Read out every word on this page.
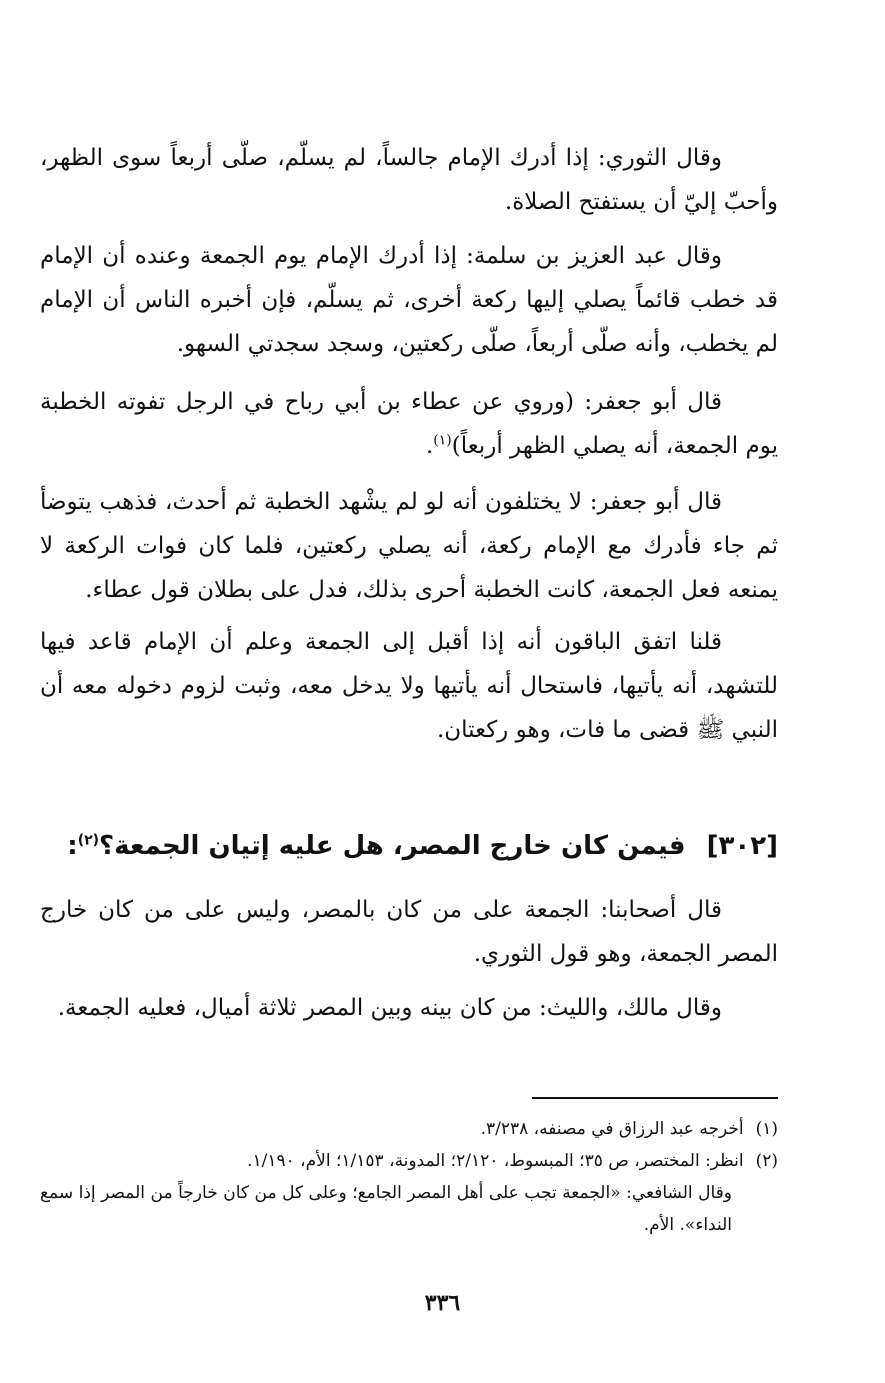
وقال الثوري: إذا أدرك الإمام جالساً، لم يسلّم، صلّى أربعاً سوى الظهر، وأحبّ إليّ أن يستفتح الصلاة.

وقال عبد العزيز بن سلمة: إذا أدرك الإمام يوم الجمعة وعنده أن الإمام قد خطب قائماً يصلي إليها ركعة أخرى، ثم يسلّم، فإن أخبره الناس أن الإمام لم يخطب، وأنه صلّى أربعاً، صلّى ركعتين، وسجد سجدتي السهو.

قال أبو جعفر: (وروي عن عطاء بن أبي رباح في الرجل تفوته الخطبة يوم الجمعة، أنه يصلي الظهر أربعاً)$^{(١)}$.

قال أبو جعفر: لا يختلفون أنه لو لم يشْهد الخطبة ثم أحدث، فذهب يتوضأ ثم جاء فأدرك مع الإمام ركعة، أنه يصلي ركعتين، فلما كان فوات الركعة لا يمنعه فعل الجمعة، كانت الخطبة أحرى بذلك، فدل على بطلان قول عطاء.

قلنا اتفق الباقون أنه إذا أقبل إلى الجمعة وعلم أن الإمام قاعد فيها للتشهد، أنه يأتيها، فاستحال أنه يأتيها ولا يدخل معه، وثبت لزوم دخوله معه أن النبي ﷺ قضى ما فات، وهو ركعتان.

[٣٠٢] فيمن كان خارج المصر، هل عليه إتيان الجمعة؟$^{(٢)}$:

قال أصحابنا: الجمعة على من كان بالمصر، وليس على من كان خارج المصر الجمعة، وهو قول الثوري.

وقال مالك، والليث: من كان بينه وبين المصر ثلاثة أميال، فعليه الجمعة.

(١)
أخرجه عبد الرزاق في مصنفه، ٣/٢٣٨.

(٢)
انظر: المختصر، ص ٣٥؛ المبسوط، ٢/١٢٠؛ المدونة، ١/١٥٣؛ الأم، ١/١٩٠.

وقال الشافعي: «الجمعة تجب على أهل المصر الجامع؛ وعلى كل من كان خارجاً من المصر إذا سمع النداء». الأم.

٣٣٦
